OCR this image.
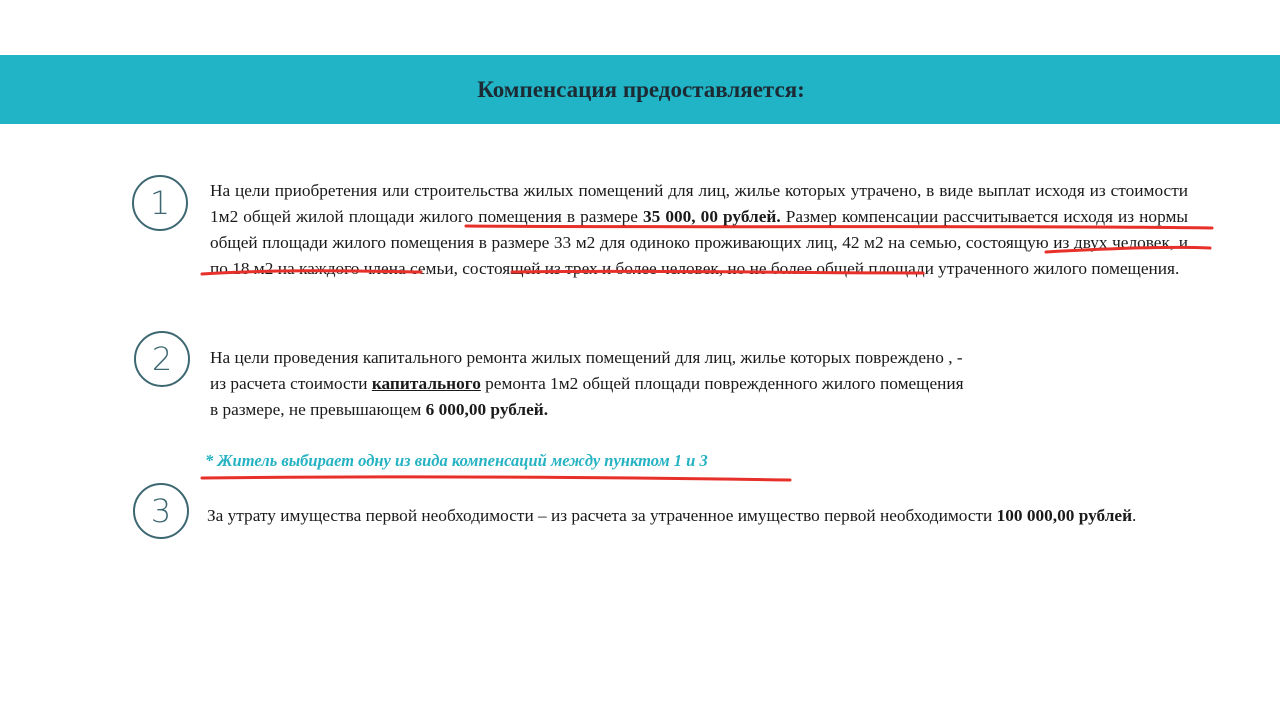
Компенсация предоставляется:
1	На цели приобретения или строительства жилых помещений для лиц, жилье которых утрачено, в виде выплат исходя из стоимости 1м2 общей жилой площади жилого помещения в размере 35 000, 00 рублей. Размер компенсации рассчитывается исходя из нормы общей площади жилого помещения в размере 33 м2 для одиноко проживающих лиц, 42 м2 на семью, состоящую из двух человек, и по 18 м2 на каждого члена семьи, состоящей из трех и более человек, но не более общей площади утраченного жилого помещения.
2	На цели проведения капитального ремонта жилых помещений для лиц, жилье которых повреждено , -
из расчета стоимости капитального ремонта 1м2 общей площади поврежденного жилого помещения
в размере, не превышающем 6 000,00 рублей.
* Житель выбирает одну из вида компенсаций между пунктом 1 и 3
3	За утрату имущества первой необходимости – из расчета за утраченное имущество первой необходимости 100 000,00 рублей.
